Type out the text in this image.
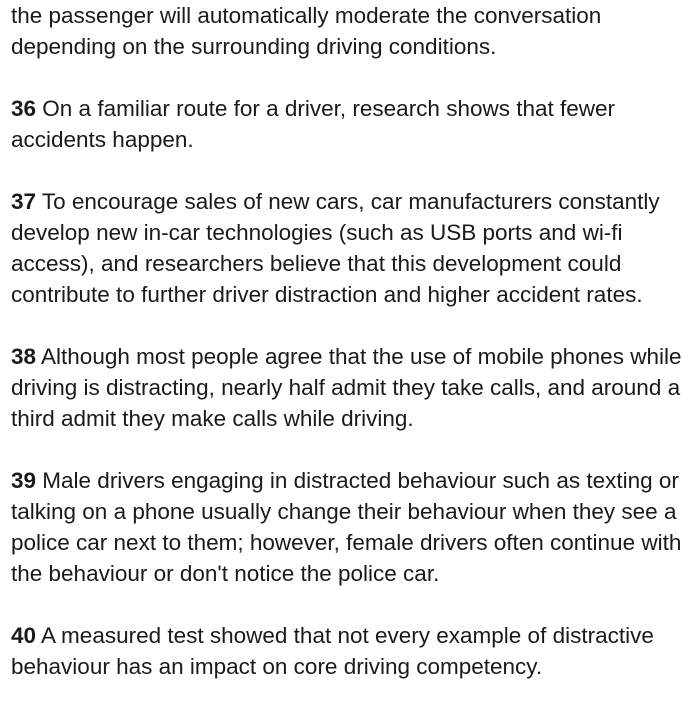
the passenger will automatically moderate the conversation depending on the surrounding driving conditions.

36 On a familiar route for a driver, research shows that fewer accidents happen.

37 To encourage sales of new cars, car manufacturers constantly develop new in-car technologies (such as USB ports and wi-fi access), and researchers believe that this development could contribute to further driver distraction and higher accident rates.

38 Although most people agree that the use of mobile phones while driving is distracting, nearly half admit they take calls, and around a third admit they make calls while driving.

39 Male drivers engaging in distracted behaviour such as texting or talking on a phone usually change their behaviour when they see a police car next to them; however, female drivers often continue with the behaviour or don't notice the police car.

40 A measured test showed that not every example of distractive behaviour has an impact on core driving competency.
